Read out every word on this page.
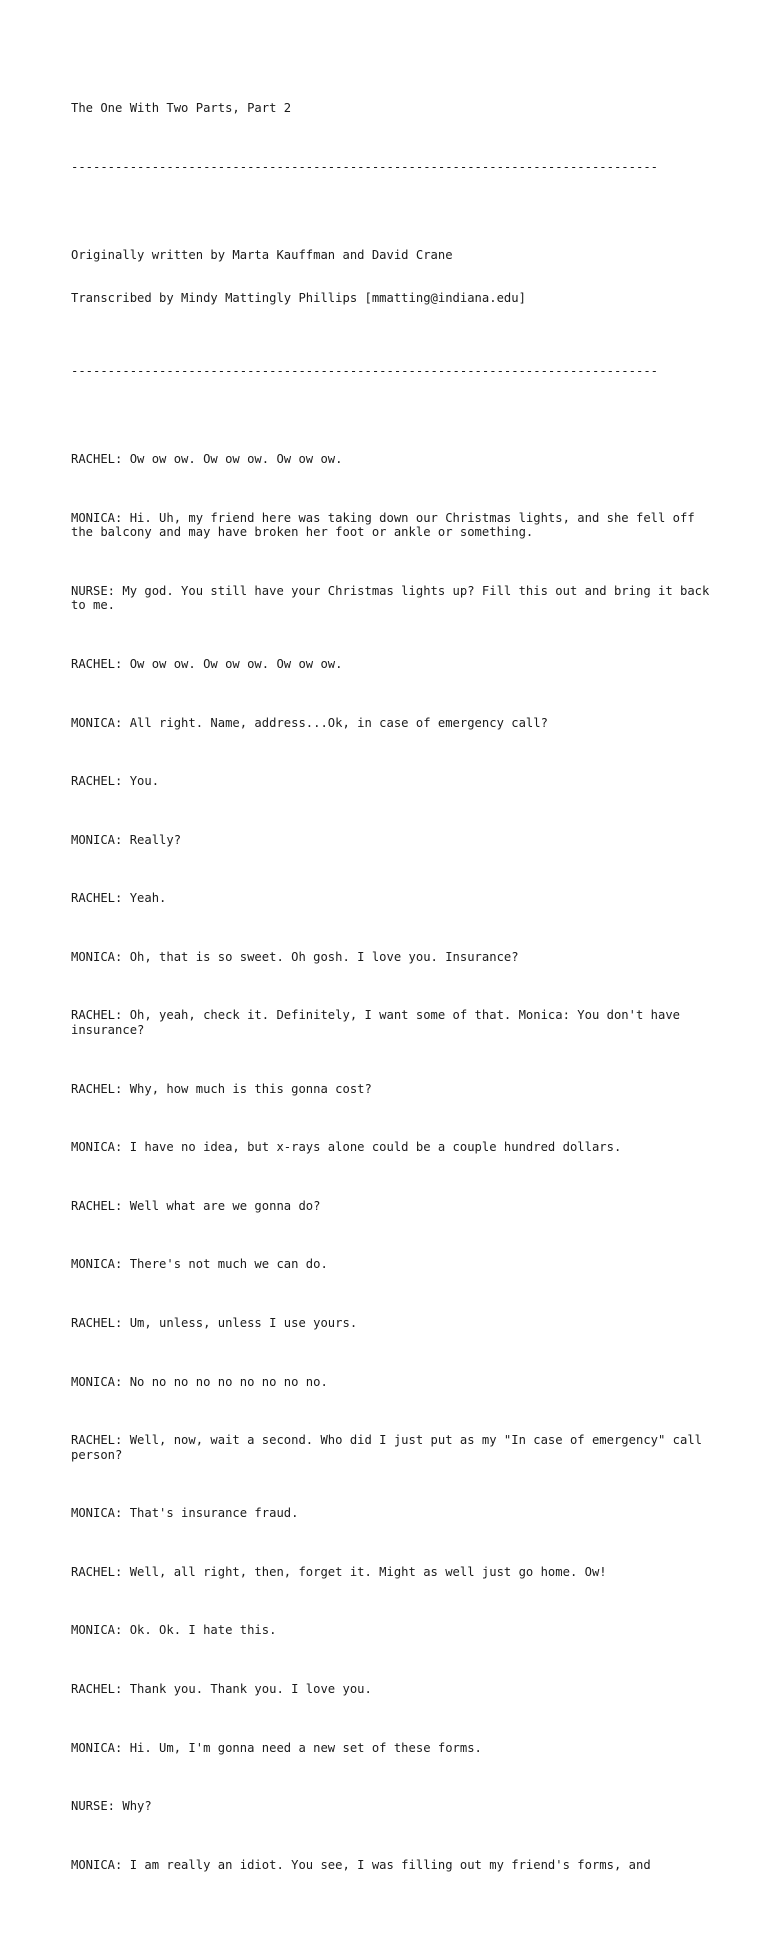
The One With Two Parts, Part 2

--------------------------------------------------------------------------------

Originally written by Marta Kauffman and David Crane

Transcribed by Mindy Mattingly Phillips [mmatting@indiana.edu]

--------------------------------------------------------------------------------

RACHEL: Ow ow ow. Ow ow ow. Ow ow ow.

MONICA: Hi. Uh, my friend here was taking down our Christmas lights, and she fell off the balcony and may have broken her foot or ankle or something.

NURSE: My god. You still have your Christmas lights up? Fill this out and bring it back to me.

RACHEL: Ow ow ow. Ow ow ow. Ow ow ow.

MONICA: All right. Name, address...Ok, in case of emergency call?

RACHEL: You.

MONICA: Really?

RACHEL: Yeah.

MONICA: Oh, that is so sweet. Oh gosh. I love you. Insurance?

RACHEL: Oh, yeah, check it. Definitely, I want some of that. Monica: You don't have insurance?

RACHEL: Why, how much is this gonna cost?

MONICA: I have no idea, but x-rays alone could be a couple hundred dollars.

RACHEL: Well what are we gonna do?

MONICA: There's not much we can do.

RACHEL: Um, unless, unless I use yours.

MONICA: No no no no no no no no no.

RACHEL: Well, now, wait a second. Who did I just put as my "In case of emergency" call person?

MONICA: That's insurance fraud.

RACHEL: Well, all right, then, forget it. Might as well just go home. Ow!

MONICA: Ok. Ok. I hate this.

RACHEL: Thank you. Thank you. I love you.

MONICA: Hi. Um, I'm gonna need a new set of these forms.

NURSE: Why?

MONICA: I am really an idiot. You see, I was filling out my friend's forms, and
